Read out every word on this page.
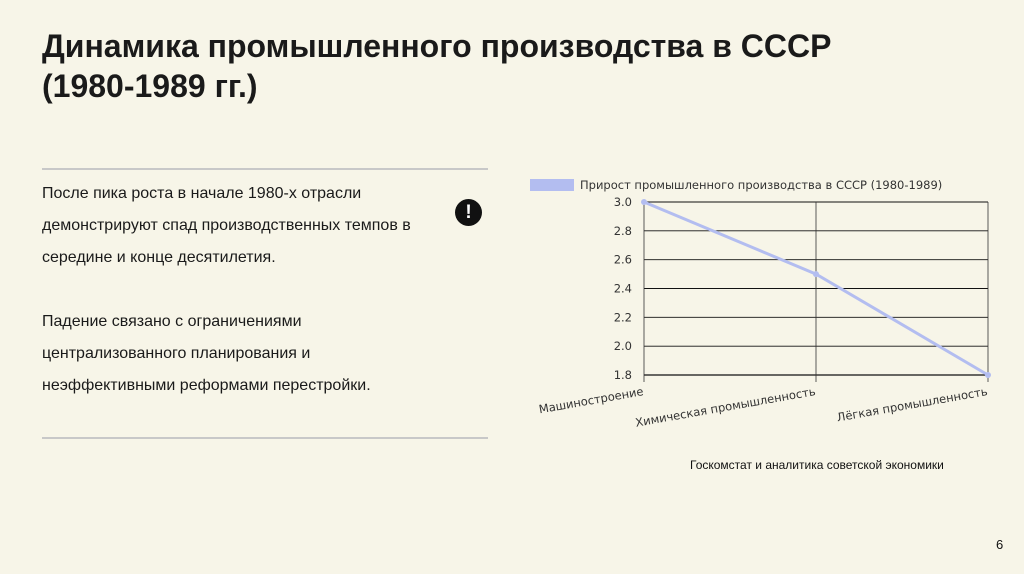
Динамика промышленного производства в СССР
(1980-1989 гг.)

После пика роста в начале 1980-х отрасли демонстрируют спад производственных темпов в середине и конце десятилетия.

Падение связано с ограничениями централизованного планирования и неэффективными реформами перестройки.

!
Прирост промышленного производства в СССР (1980-1989)
3.0
2.8
2.6
2.4
2.2
2.0
1.8
Машиностроение
Химическая промышленность Лёгкая промышленность
Госкомстат и аналитика советской экономики
6
